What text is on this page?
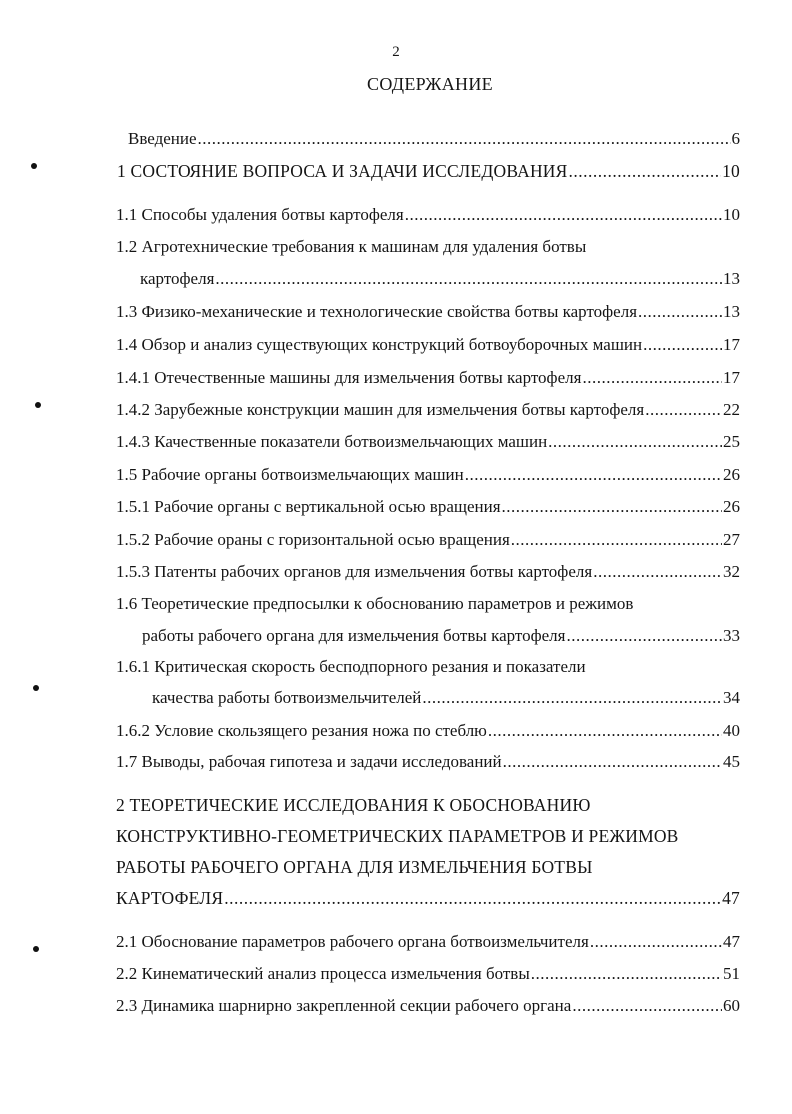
2
СОДЕРЖАНИЕ
Введение .....	6
1 СОСТОЯНИЕ ВОПРОСА И ЗАДАЧИ ИССЛЕДОВАНИЯ .....	10
1.1 Способы удаления ботвы картофеля .....	10
1.2 Агротехнические требования к машинам для удаления ботвы
картофеля .....	13
1.3 Физико-механические и технологические свойства ботвы картофеля .....	13
1.4 Обзор и анализ существующих конструкций ботвоуборочных машин .....	17
1.4.1 Отечественные машины для измельчения ботвы картофеля .....	17
1.4.2 Зарубежные конструкции машин для измельчения ботвы картофеля .....	22
1.4.3 Качественные показатели ботвоизмельчающих машин .....	25
1.5 Рабочие органы ботвоизмельчающих машин .....	26
1.5.1 Рабочие органы с вертикальной осью вращения .....	26
1.5.2 Рабочие ораны с горизонтальной осью вращения .....	27
1.5.3 Патенты рабочих органов для измельчения ботвы картофеля .....	32
1.6 Теоретические предпосылки к обоснованию параметров и режимов
работы рабочего органа для измельчения ботвы картофеля .....	33
1.6.1 Критическая скорость бесподпорного резания и показатели
качества работы ботвоизмельчителей .....	34
1.6.2 Условие скользящего резания ножа по стеблю .....	40
1.7 Выводы, рабочая гипотеза и задачи исследований .....	45
2 ТЕОРЕТИЧЕСКИЕ ИССЛЕДОВАНИЯ К ОБОСНОВАНИЮ
КОНСТРУКТИВНО-ГЕОМЕТРИЧЕСКИХ ПАРАМЕТРОВ И РЕЖИМОВ
РАБОТЫ РАБОЧЕГО ОРГАНА ДЛЯ ИЗМЕЛЬЧЕНИЯ БОТВЫ
КАРТОФЕЛЯ .....	47
2.1 Обоснование параметров рабочего органа ботвоизмельчителя .....	47
2.2 Кинематический анализ процесса измельчения ботвы .....	51
2.3 Динамика шарнирно закрепленной секции рабочего органа .....	60
